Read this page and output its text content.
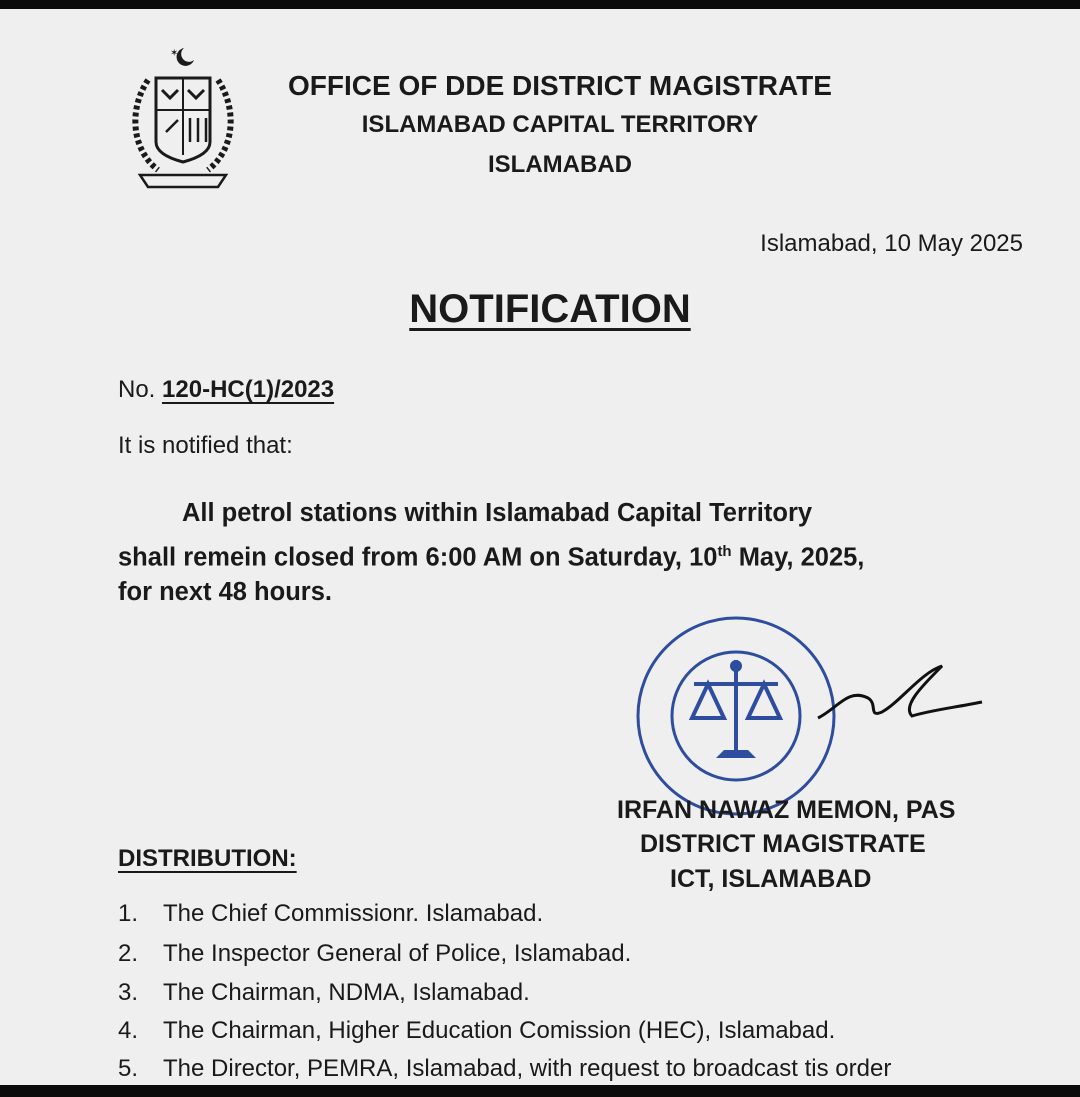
✶
OFFICE OF DDE DISTRICT MAGISTRATE
ISLAMABAD CAPITAL TERRITORY
ISLAMABAD
Islamabad, 10 May 2025
NOTIFICATION
No. 120-HC(1)/2023
It is notified that:
All petrol stations within Islamabad Capital Territory
shall remein closed from 6:00 AM on Saturday, 10th May, 2025,
for next 48 hours.
IRFAN NAWAZ MEMON, PAS
DISTRICT MAGISTRATE
ICT, ISLAMABAD
DISTRIBUTION:
1. The Chief Commissionr. Islamabad.
2. The Inspector General of Police, Islamabad.
3. The Chairman, NDMA, Islamabad.
4. The Chairman, Higher Education Comission (HEC), Islamabad.
5. The Director, PEMRA, Islamabad, with request to broadcast tis order
